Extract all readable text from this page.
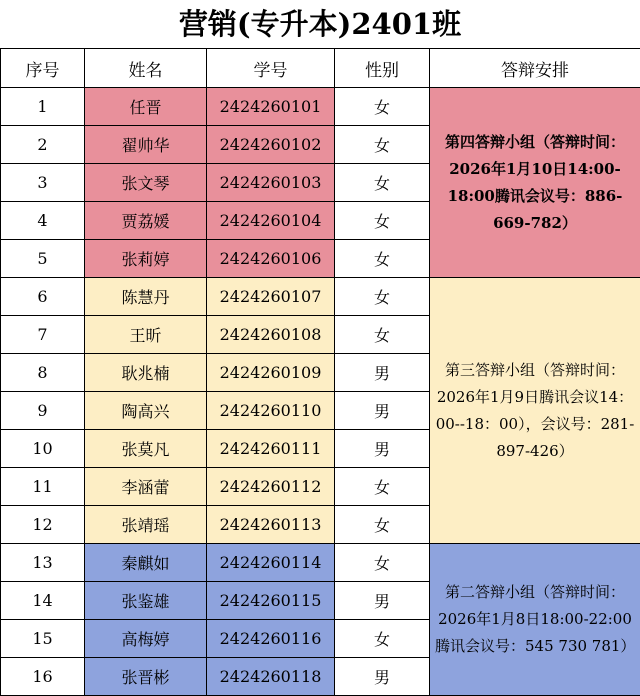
营销(专升本)2401班
序号	姓名	学号	性别	答辩安排
1	任晋	2424260101	女	第四答辩小组（答辩时间：2026年1月10日14:00-18:00腾讯会议号：886-669-782）
2	翟帅华	2424260102	女	
3	张文琴	2424260103	女	
4	贾荔媛	2424260104	女	
5	张莉婷	2424260106	女	
6	陈慧丹	2424260107	女	第三答辩小组（答辩时间：2026年1月9日腾讯会议14：00--18：00），会议号：281-897-426）
7	王昕	2424260108	女	
8	耿兆楠	2424260109	男	
9	陶高兴	2424260110	男	
10	张莫凡	2424260111	男	
11	李涵蕾	2424260112	女	
12	张靖瑶	2424260113	女	
13	秦麒如	2424260114	女	第二答辩小组（答辩时间：2026年1月8日18:00-22:00腾讯会议号：545 730 781）
14	张鉴雄	2424260115	男	
15	高梅婷	2424260116	女	
16	张晋彬	2424260118	男	
